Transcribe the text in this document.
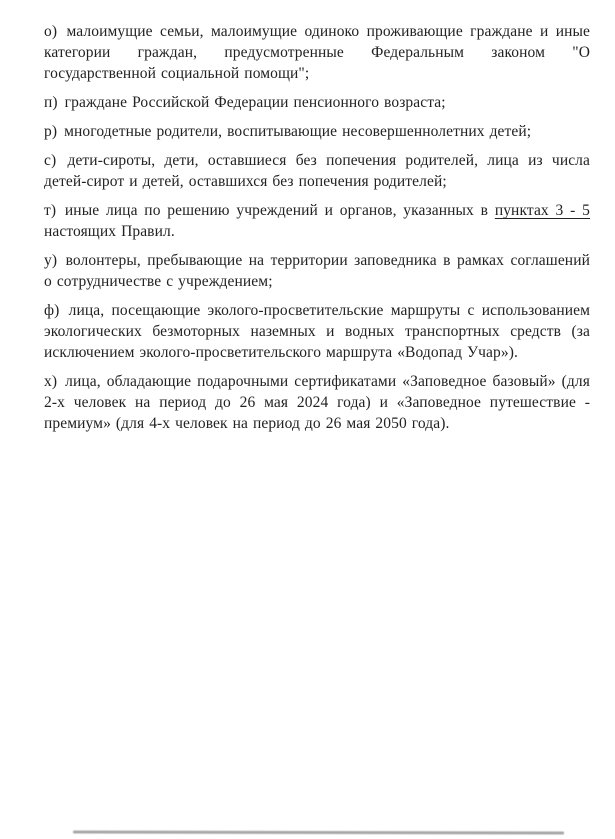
о) малоимущие семьи, малоимущие одиноко проживающие граждане и иные категории граждан, предусмотренные Федеральным законом "О государственной социальной помощи";

п) граждане Российской Федерации пенсионного возраста;

р) многодетные родители, воспитывающие несовершеннолетних детей;

с) дети-сироты, дети, оставшиеся без попечения родителей, лица из числа детей-сирот и детей, оставшихся без попечения родителей;

т) иные лица по решению учреждений и органов, указанных в пунктах 3 - 5 настоящих Правил.

у) волонтеры, пребывающие на территории заповедника в рамках соглашений о сотрудничестве с учреждением;

ф) лица, посещающие эколого-просветительские маршруты с использованием экологических безмоторных наземных и водных транспортных средств (за исключением эколого-просветительского маршрута «Водопад Учар»).

х) лица, обладающие подарочными сертификатами «Заповедное базовый» (для 2-х человек на период до 26 мая 2024 года) и «Заповедное путешествие - премиум» (для 4-х человек на период до 26 мая 2050 года).
